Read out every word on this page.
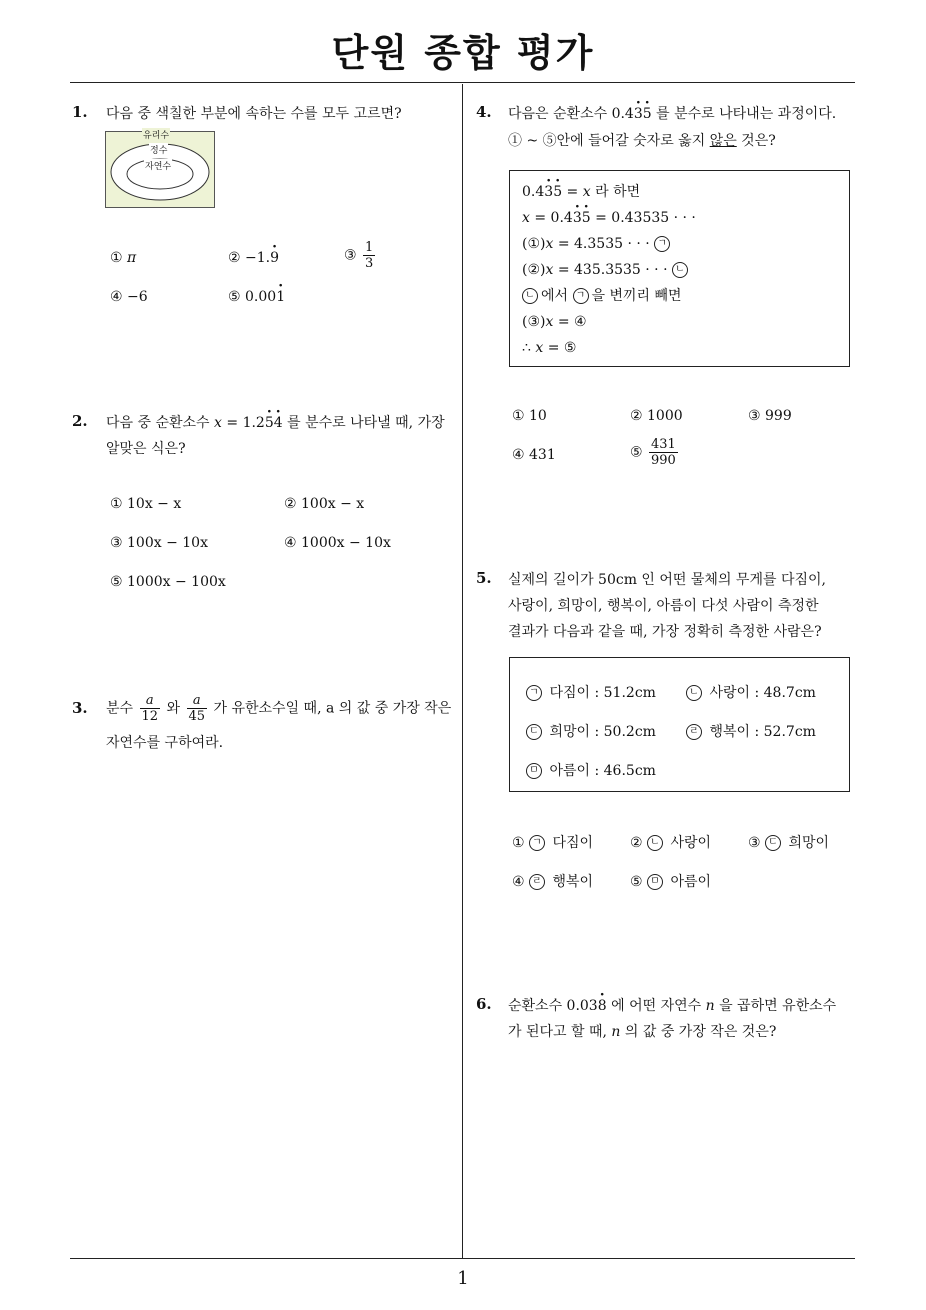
단원 종합 평가
1
1. 다음 중 색칠한 부분에 속하는 수를 모두 고르면?
유리수
정수
자연수
① π	② −1.9 ·	③ $\frac{1}{3}$
④ −6	⑤ 0.001 ·
2. 다음 중 순환소수 x = 1.25 ·4 · 를 분수로 나타낼 때, 가장
알맞은 식은?
① 10x − x	② 100x − x
③ 100x − 10x	④ 1000x − 10x
⑤ 1000x − 100x
3. 분수 $\frac{a}{12}$ 와 $\frac{a}{45}$ 가 유한소수일 때, a 의 값 중 가장 작은
자연수를 구하여라.
4. 다음은 순환소수 0.43 ·5 · 를 분수로 나타내는 과정이다.
① ~ ⑤안에 들어갈 숫자로 옳지 않은 것은?
0.43 ·5 · = x 라 하면
x = 0.43 ·5 · = 0.43535 · · ·
(①)x = 4.3535 · · · ㄱ
(②)x = 435.3535 · · · ㄴ
ㄴ 에서 ㄱ 을 변끼리 빼면
(③)x = ④
∴ x = ⑤
① 10	② 1000	③ 999
④ 431	⑤ $\frac{431}{990}$
5. 실제의 길이가 50cm 인 어떤 물체의 무게를 다짐이,
사랑이, 희망이, 행복이, 아름이 다섯 사람이 측정한
결과가 다음과 같을 때, 가장 정확히 측정한 사람은?
ㄱ 다짐이 : 51.2cm	ㄴ 사랑이 : 48.7cm
ㄷ 희망이 : 50.2cm	ㄹ 행복이 : 52.7cm
ㅁ 아름이 : 46.5cm
① ㄱ 다짐이	② ㄴ 사랑이	③ ㄷ 희망이
④ ㄹ 행복이	⑤ ㅁ 아름이
6. 순환소수 0.038 · 에 어떤 자연수 n 을 곱하면 유한소수
가 된다고 할 때, n 의 값 중 가장 작은 것은?
